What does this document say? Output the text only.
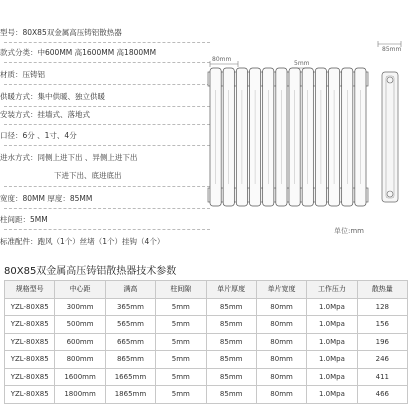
型号：80X85双金属高压铸铝散热器
款式分类：中600MM 高1600MM 高1800MM
材质：压铸铝
供暖方式：集中供暖、独立供暖
安装方式：挂墙式、落地式
口径：6分 、1寸、4分
进水方式：同侧上进下出 、异侧上进下出
下进下出、底进底出
宽度：80MM 厚度：85MM
柱间距：5MM
标准配件：跑风（1个）丝堵（1个）挂钩（4个）
80mm
5mm
85mm
单位:mm
80X85双金属高压铸铝散热器技术参数
规格型号	中心距	满高	柱间隙	单片厚度	单片宽度	工作压力	散热量
YZL-80X85	300mm	365mm	5mm	85mm	80mm	1.0Mpa	128
YZL-80X85	500mm	565mm	5mm	85mm	80mm	1.0Mpa	156
YZL-80X85	600mm	665mm	5mm	85mm	80mm	1.0Mpa	196
YZL-80X85	800mm	865mm	5mm	85mm	80mm	1.0Mpa	246
YZL-80X85	1600mm	1665mm	5mm	85mm	80mm	1.0Mpa	411
YZL-80X85	1800mm	1865mm	5mm	85mm	80mm	1.0Mpa	466
